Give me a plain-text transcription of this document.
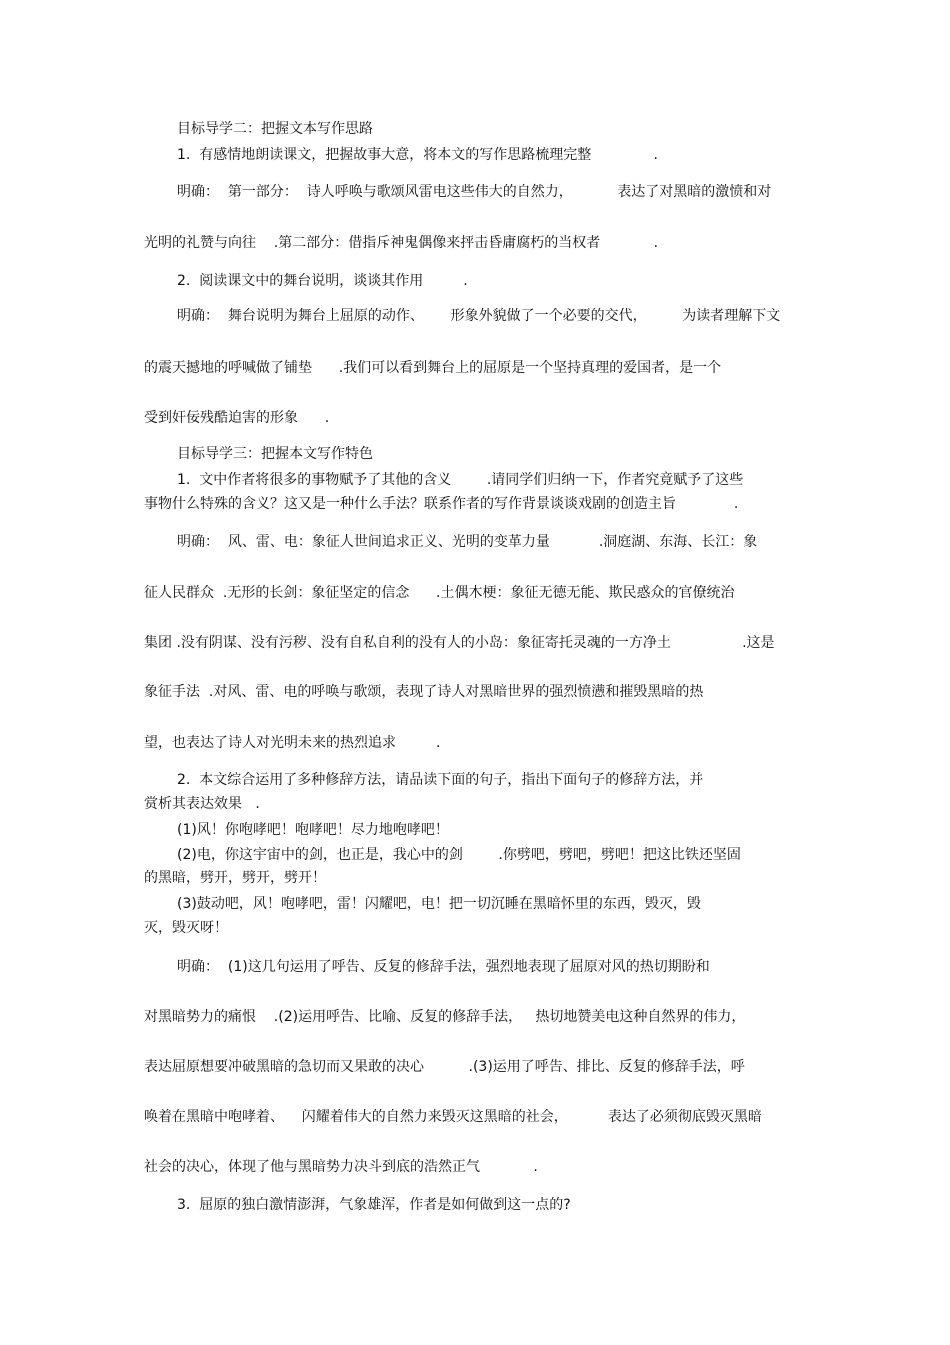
目标导学二：把握文本写作思路
1.  有感情地朗读课文，把握故事大意，将本文的写作思路梳理完整              .
明确：  第一部分：  诗人呼唤与歌颂风雷电这些伟大的自然力，          表达了对黑暗的激愤和对
光明的礼赞与向往    .第二部分：借指斥神鬼偶像来抨击昏庸腐朽的当权者            .
2.  阅读课文中的舞台说明，谈谈其作用         .
明确：  舞台说明为舞台上屈原的动作、      形象外貌做了一个必要的交代，        为读者理解下文
的震天撼地的呼喊做了铺垫      .我们可以看到舞台上的屈原是一个坚持真理的爱国者，是一个
受到奸佞残酷迫害的形象      .
目标导学三：把握本文写作特色
1.  文中作者将很多的事物赋予了其他的含义        .请同学们归纳一下，作者究竟赋予了这些
事物什么特殊的含义？这又是一种什么手法？联系作者的写作背景谈谈戏剧的创造主旨             .
明确：  风、雷、电：象征人世间追求正义、光明的变革力量           .洞庭湖、东海、长江：象
征人民群众  .无形的长剑：象征坚定的信念      .土偶木梗：象征无德无能、欺民惑众的官僚统治
集团 .没有阴谋、没有污秽、没有自私自利的没有人的小岛：象征寄托灵魂的一方净土                .这是
象征手法  .对风、雷、电的呼唤与歌颂，表现了诗人对黑暗世界的强烈愤懑和摧毁黑暗的热
望，也表达了诗人对光明未来的热烈追求         .
2.  本文综合运用了多种修辞方法，请品读下面的句子，指出下面句子的修辞方法，并
赏析其表达效果   .
(1)风！你咆哮吧！咆哮吧！尽力地咆哮吧！
(2)电，你这宇宙中的剑，也正是，我心中的剑        .你劈吧，劈吧，劈吧！把这比铁还坚固
的黑暗，劈开，劈开，劈开！
(3)鼓动吧，风！咆哮吧，雷！闪耀吧，电！把一切沉睡在黑暗怀里的东西，毁灭，毁
灭，毁灭呀！
明确：  (1)这几句运用了呼告、反复的修辞手法，强烈地表现了屈原对风的热切期盼和
对黑暗势力的痛恨    .(2)运用呼告、比喻、反复的修辞手法，   热切地赞美电这种自然界的伟力，
表达屈原想要冲破黑暗的急切而又果敢的决心          .(3)运用了呼告、排比、反复的修辞手法，呼
唤着在黑暗中咆哮着、    闪耀着伟大的自然力来毁灭这黑暗的社会，         表达了必须彻底毁灭黑暗
社会的决心，体现了他与黑暗势力决斗到底的浩然正气            .
3.  屈原的独白激情澎湃，气象雄浑，作者是如何做到这一点的?
